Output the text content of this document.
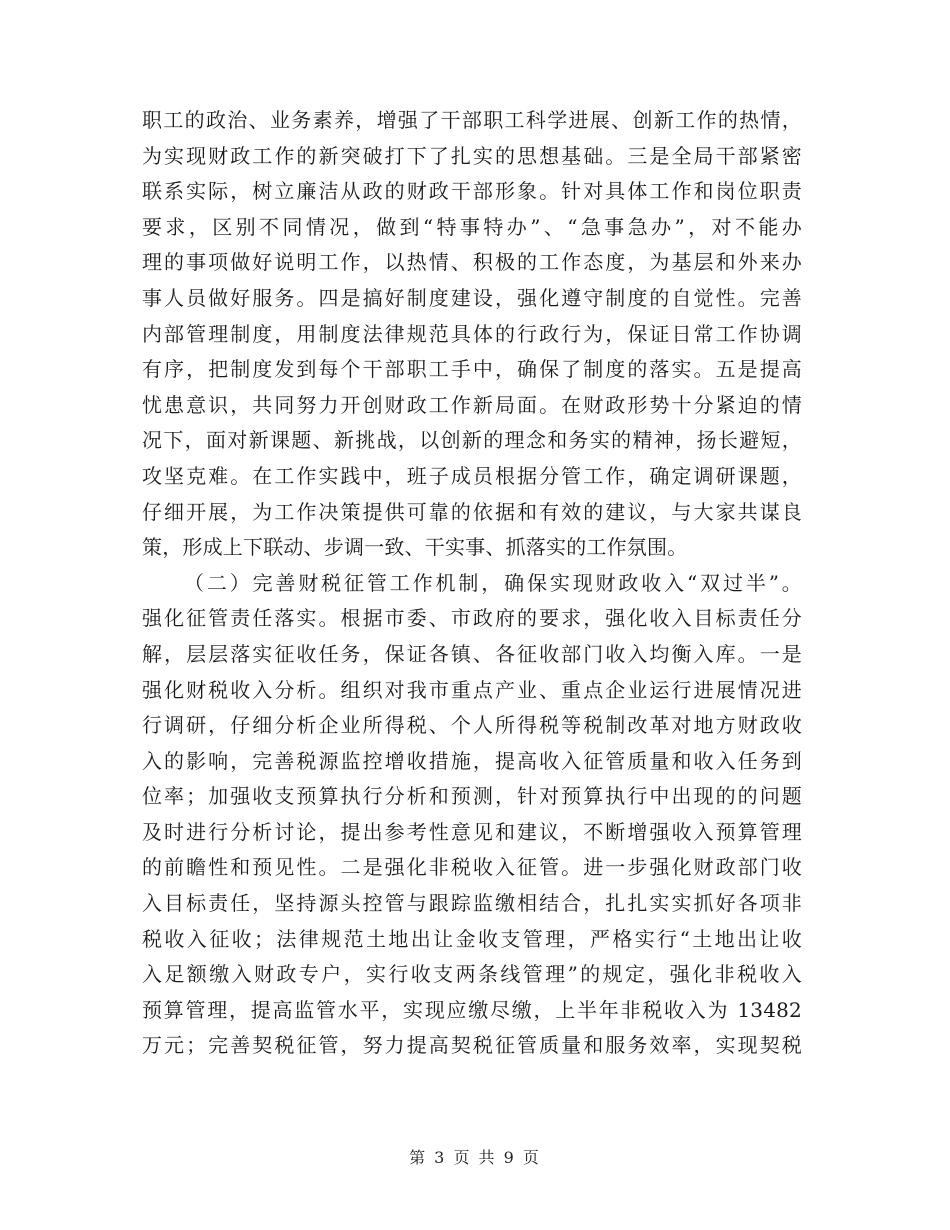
职工的政治、业务素养，增强了干部职工科学进展、创新工作的热情，
为实现财政工作的新突破打下了扎实的思想基础。三是全局干部紧密
联系实际，树立廉洁从政的财政干部形象。针对具体工作和岗位职责
要求，区别不同情况，做到“特事特办”、“急事急办”，对不能办
理的事项做好说明工作，以热情、积极的工作态度，为基层和外来办
事人员做好服务。四是搞好制度建设，强化遵守制度的自觉性。完善
内部管理制度，用制度法律规范具体的行政行为，保证日常工作协调
有序，把制度发到每个干部职工手中，确保了制度的落实。五是提高
忧患意识，共同努力开创财政工作新局面。在财政形势十分紧迫的情
况下，面对新课题、新挑战，以创新的理念和务实的精神，扬长避短，
攻坚克难。在工作实践中，班子成员根据分管工作，确定调研课题，
仔细开展，为工作决策提供可靠的依据和有效的建议，与大家共谋良
策，形成上下联动、步调一致、干实事、抓落实的工作氛围。
（二）完善财税征管工作机制，确保实现财政收入“双过半”。
强化征管责任落实。根据市委、市政府的要求，强化收入目标责任分
解，层层落实征收任务，保证各镇、各征收部门收入均衡入库。一是
强化财税收入分析。组织对我市重点产业、重点企业运行进展情况进
行调研，仔细分析企业所得税、个人所得税等税制改革对地方财政收
入的影响，完善税源监控增收措施，提高收入征管质量和收入任务到
位率；加强收支预算执行分析和预测，针对预算执行中出现的的问题
及时进行分析讨论，提出参考性意见和建议，不断增强收入预算管理
的前瞻性和预见性。二是强化非税收入征管。进一步强化财政部门收
入目标责任，坚持源头控管与跟踪监缴相结合，扎扎实实抓好各项非
税收入征收；法律规范土地出让金收支管理，严格实行“土地出让收
入足额缴入财政专户，实行收支两条线管理”的规定，强化非税收入
预算管理，提高监管水平，实现应缴尽缴，上半年非税收入为 13482
万元；完善契税征管，努力提高契税征管质量和服务效率，实现契税
第 3 页 共 9 页
